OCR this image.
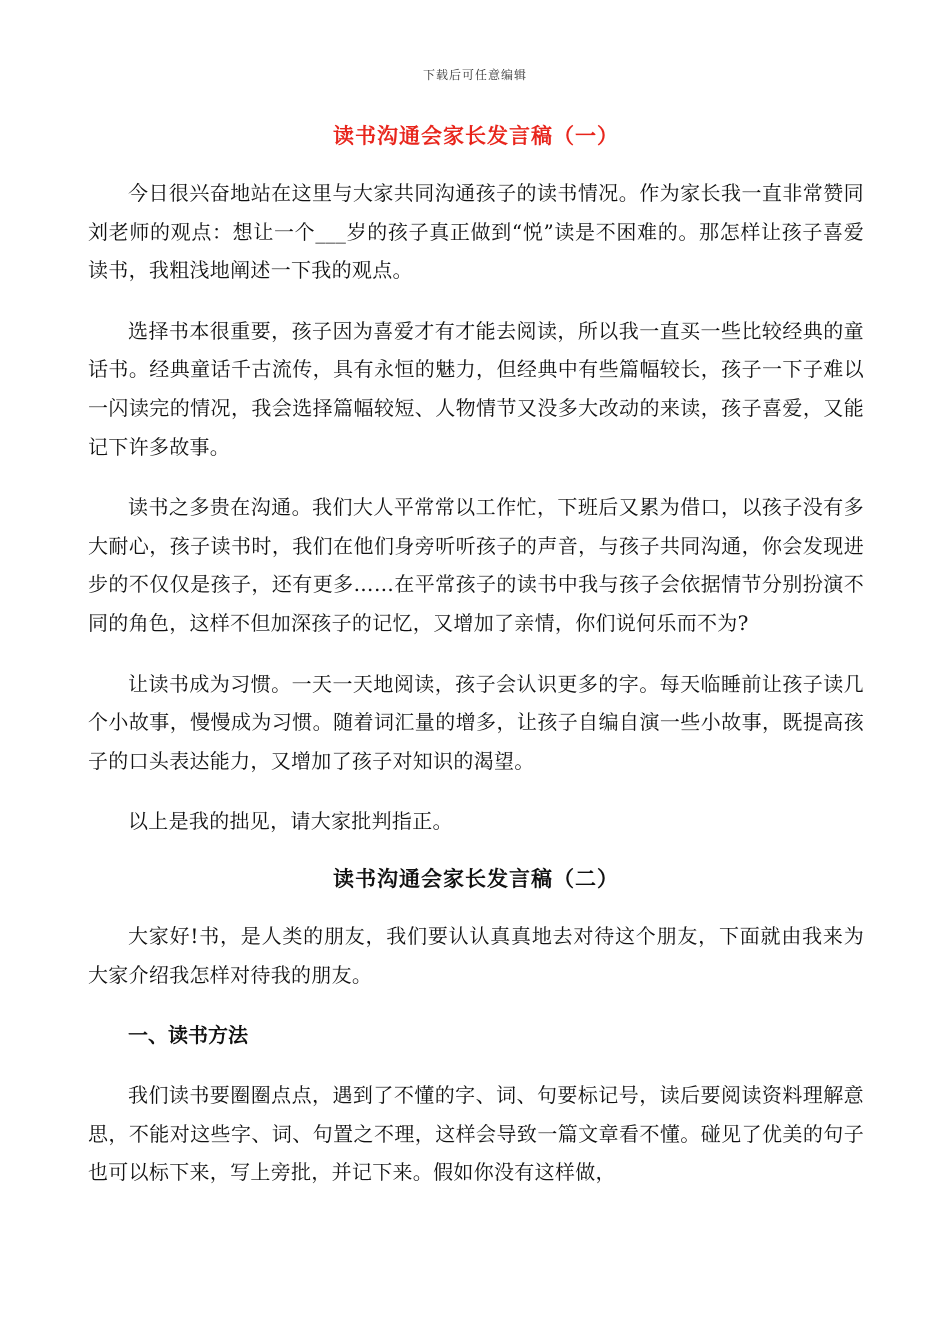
下载后可任意编辑
读书沟通会家长发言稿（一）

今日很兴奋地站在这里与大家共同沟通孩子的读书情况。作为家长我一直非常赞同刘老师的观点：想让一个___岁的孩子真正做到“悦”读是不困难的。那怎样让孩子喜爱读书，我粗浅地阐述一下我的观点。

选择书本很重要，孩子因为喜爱才有才能去阅读，所以我一直买一些比较经典的童话书。经典童话千古流传，具有永恒的魅力，但经典中有些篇幅较长，孩子一下子难以一闪读完的情况，我会选择篇幅较短、人物情节又没多大改动的来读，孩子喜爱，又能记下许多故事。

读书之多贵在沟通。我们大人平常常以工作忙，下班后又累为借口，以孩子没有多大耐心，孩子读书时，我们在他们身旁听听孩子的声音，与孩子共同沟通，你会发现进步的不仅仅是孩子，还有更多……在平常孩子的读书中我与孩子会依据情节分别扮演不同的角色，这样不但加深孩子的记忆，又增加了亲情，你们说何乐而不为?

让读书成为习惯。一天一天地阅读，孩子会认识更多的字。每天临睡前让孩子读几个小故事，慢慢成为习惯。随着词汇量的增多，让孩子自编自演一些小故事，既提高孩子的口头表达能力，又增加了孩子对知识的渴望。

以上是我的拙见，请大家批判指正。

读书沟通会家长发言稿（二）

大家好!书，是人类的朋友，我们要认认真真地去对待这个朋友，下面就由我来为大家介绍我怎样对待我的朋友。

一、读书方法

我们读书要圈圈点点，遇到了不懂的字、词、句要标记号，读后要阅读资料理解意思，不能对这些字、词、句置之不理，这样会导致一篇文章看不懂。碰见了优美的句子也可以标下来，写上旁批，并记下来。假如你没有这样做，
